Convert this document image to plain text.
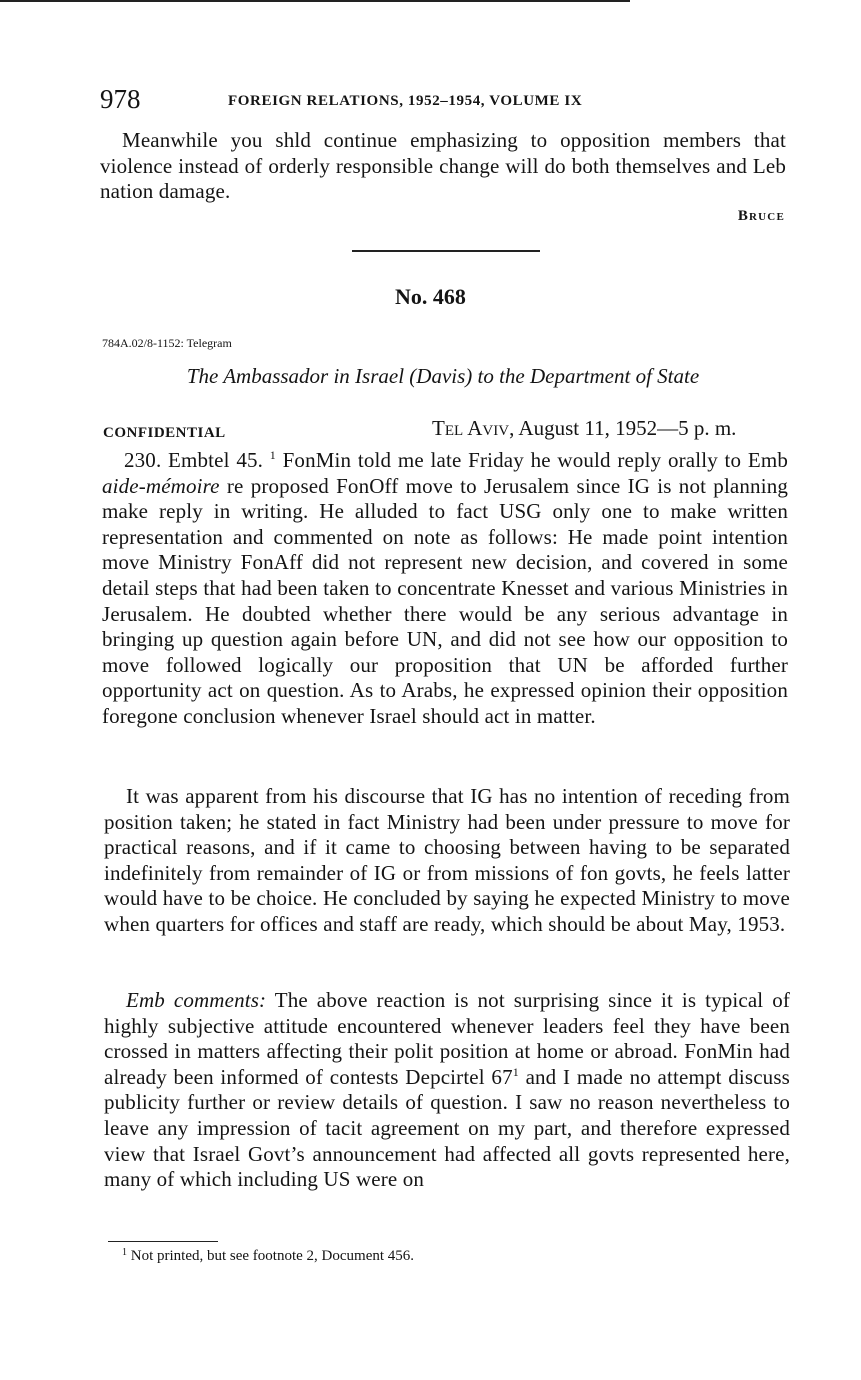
978	FOREIGN RELATIONS, 1952–1954, VOLUME IX

Meanwhile you shld continue emphasizing to opposition members that violence instead of orderly responsible change will do both themselves and Leb nation damage.

Bruce
No. 468
784A.02/8-1152: Telegram
The Ambassador in Israel (Davis) to the Department of State
CONFIDENTIAL	Tel Aviv, August 11, 1952—5 p. m.

230. Embtel 45. $^1$ FonMin told me late Friday he would reply orally to Emb aide-mémoire re proposed FonOff move to Jerusalem since IG is not planning make reply in writing. He alluded to fact USG only one to make written representation and commented on note as follows: He made point intention move Ministry FonAff did not represent new decision, and covered in some detail steps that had been taken to concentrate Knesset and various Ministries in Jerusalem. He doubted whether there would be any serious advantage in bringing up question again before UN, and did not see how our opposition to move followed logically our proposition that UN be afforded further opportunity act on question. As to Arabs, he expressed opinion their opposition foregone conclusion whenever Israel should act in matter.

It was apparent from his discourse that IG has no intention of receding from position taken; he stated in fact Ministry had been under pressure to move for practical reasons, and if it came to choosing between having to be separated indefinitely from remainder of IG or from missions of fon govts, he feels latter would have to be choice. He concluded by saying he expected Ministry to move when quarters for offices and staff are ready, which should be about May, 1953.

Emb comments: The above reaction is not surprising since it is typical of highly subjective attitude encountered whenever leaders feel they have been crossed in matters affecting their polit position at home or abroad. FonMin had already been informed of contests Depcirtel $67^1$ and I made no attempt discuss publicity further or review details of question. I saw no reason nevertheless to leave any impression of tacit agreement on my part, and therefore expressed view that Israel Govt’s announcement had affected all govts represented here, many of which including US were on

$^1$ Not printed, but see footnote 2, Document 456.
